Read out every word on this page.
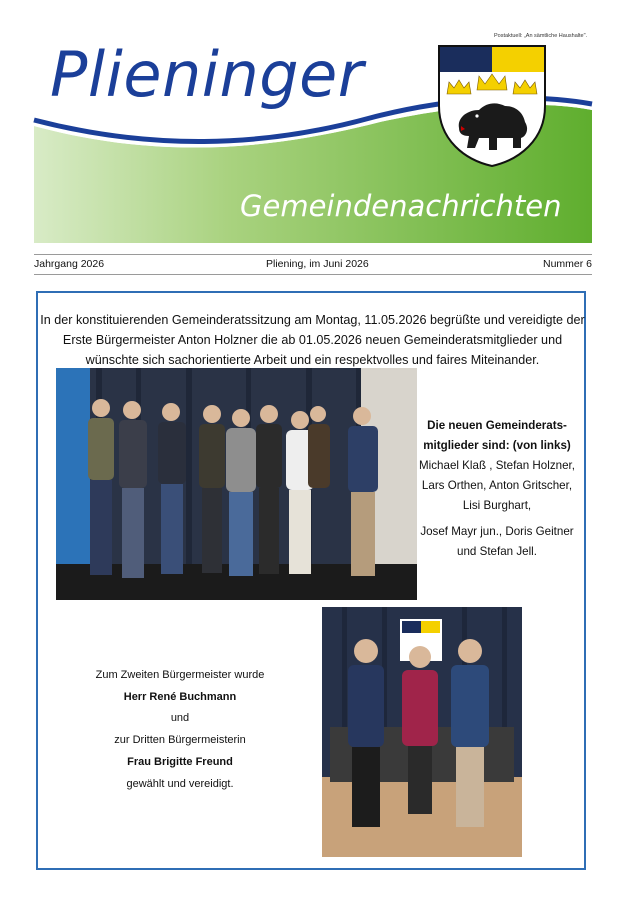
Postaktuell: „An sämtliche Haushalte".
Plieninger
Gemeindenachrichten
Jahrgang 2026	Pliening, im Juni 2026	Nummer 6
In der konstituierenden Gemeinderatssitzung am Montag, 11.05.2026 begrüßte und vereidigte der Erste Bürgermeister Anton Holzner die ab 01.05.2026 neuen Gemeinderatsmitglieder und wünschte sich sachorientierte Arbeit und ein respektvolles und faires Miteinander.
Die neuen Gemeinderats-
mitglieder sind: (von links)
Michael Klaß , Stefan Holzner,
Lars Orthen, Anton Gritscher,
Lisi Burghart,
Josef Mayr jun., Doris Geitner
und Stefan Jell.
Zum Zweiten Bürgermeister wurde
Herr René Buchmann
und
zur Dritten Bürgermeisterin
Frau Brigitte Freund
gewählt und vereidigt.
